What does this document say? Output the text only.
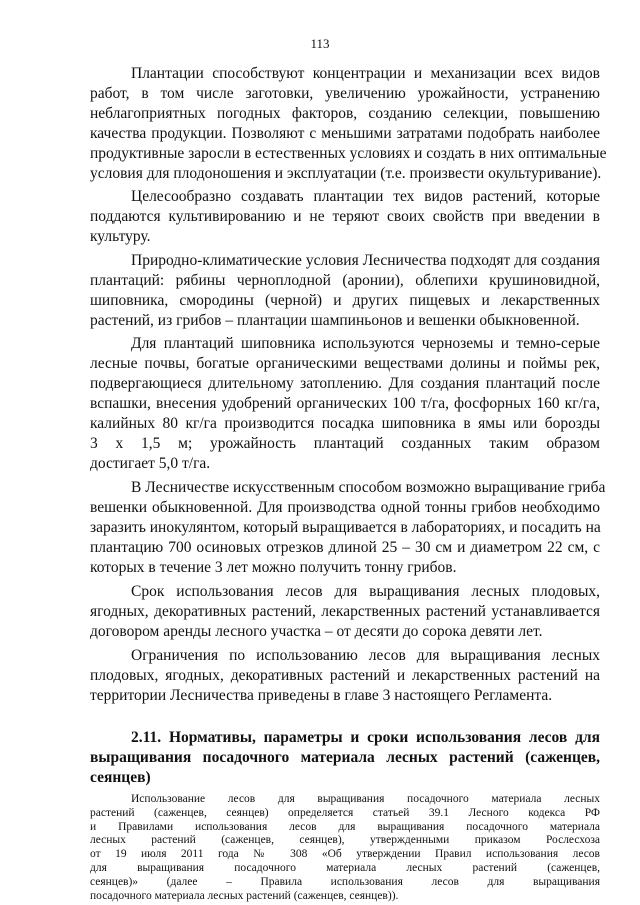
113
Плантации способствуют концентрации и механизации всех видов
работ, в том числе заготовки, увеличению урожайности, устранению
неблагоприятных погодных факторов, созданию селекции, повышению
качества продукции. Позволяют с меньшими затратами подобрать наиболее
продуктивные заросли в естественных условиях и создать в них оптимальные
условия для плодоношения и эксплуатации (т.е. произвести окультуривание).
Целесообразно создавать плантации тех видов растений, которые
поддаются культивированию и не теряют своих свойств при введении в
культуру.
Природно-климатические условия Лесничества подходят для создания
плантаций: рябины черноплодной (аронии), облепихи крушиновидной,
шиповника, смородины (черной) и других пищевых и лекарственных
растений, из грибов – плантации шампиньонов и вешенки обыкновенной.
Для плантаций шиповника используются черноземы и темно-серые
лесные почвы, богатые органическими веществами долины и поймы рек,
подвергающиеся длительному затоплению. Для создания плантаций после
вспашки, внесения удобрений органических 100 т/га, фосфорных 160 кг/га,
калийных 80 кг/га производится посадка шиповника в ямы или борозды
3 х 1,5 м; урожайность плантаций созданных таким образом
достигает 5,0 т/га.
В Лесничестве искусственным способом возможно выращивание гриба
вешенки обыкновенной. Для производства одной тонны грибов необходимо
заразить инокулянтом, который выращивается в лабораториях, и посадить на
плантацию 700 осиновых отрезков длиной 25 – 30 см и диаметром 22 см, с
которых в течение 3 лет можно получить тонну грибов.
Срок использования лесов для выращивания лесных плодовых,
ягодных, декоративных растений, лекарственных растений устанавливается
договором аренды лесного участка – от десяти до сорока девяти лет.
Ограничения по использованию лесов для выращивания лесных
плодовых, ягодных, декоративных растений и лекарственных растений на
территории Лесничества приведены в главе 3 настоящего Регламента.
2.11. Нормативы, параметры и сроки использования лесов для
выращивания посадочного материала лесных растений (саженцев,
сеянцев)
Использование лесов для выращивания посадочного материала лесных
растений (саженцев, сеянцев) определяется статьей 39.1 Лесного кодекса РФ
и Правилами использования лесов для выращивания посадочного материала
лесных растений (саженцев, сеянцев), утвержденными приказом Рослесхоза
от 19 июля 2011 года № 308 «Об утверждении Правил использования лесов
для выращивания посадочного материала лесных растений (саженцев,
сеянцев)» (далее – Правила использования лесов для выращивания
посадочного материала лесных растений (саженцев, сеянцев)).
